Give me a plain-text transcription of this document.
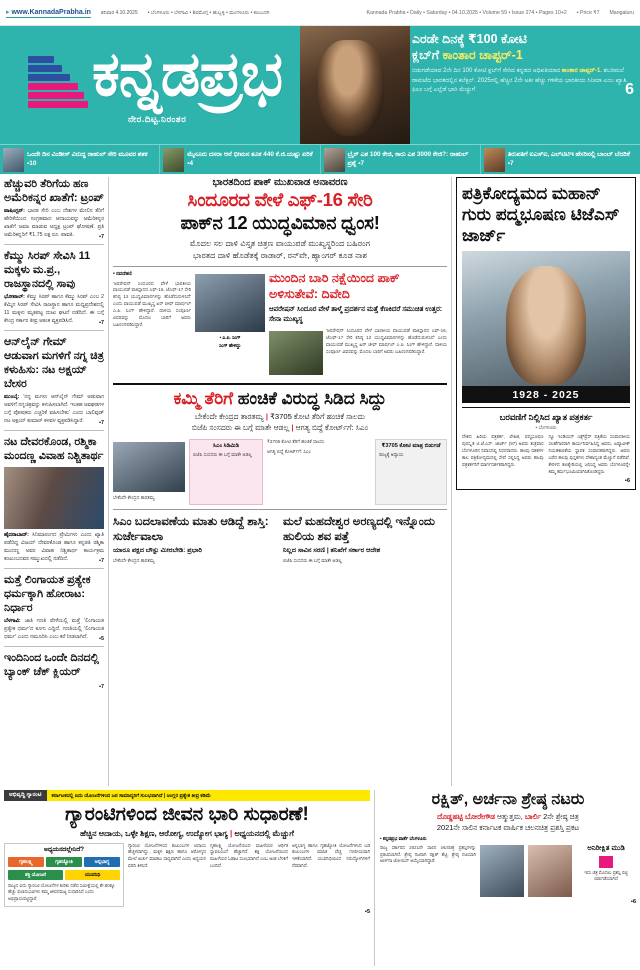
▸ www.KannadaPrabha.in ಶನಿವಾರ 4.10.2025 • ಬೆಂಗಳೂರು • ಬೆಳಗಾವಿ • ಶಿವಮೊಗ್ಗ • ಹುಬ್ಬಳ್ಳಿ • ಮಂಗಳೂರು • ಕಲಬುರಗಿ	Kannada Prabha • Daily • Saturday • 04.10.2025 • Volume 59 • Issue 274 • Pages 10+2 • Price ₹7 Mangaluru
ಕನ್ನಡಪ್ರಭ
ನೇರ.ದಿಟ್ಟ.ನಿರಂತರ
ಎರಡೇ ದಿನಕ್ಕೆ ₹100 ಕೋಟಿ
ಕ್ಲಬ್‌ಗೆ ಕಾಂತಾರ ಚಾಪ್ಟರ್-1

ಬಿಡುಗಡೆಯಾದ 2ನೇ ದಿನ 100 ಕೋಟಿ ಕ್ಲಬ್‌ಗೆ ಸೇರಿದ ಕನ್ನಡದ ಅಧಿಪತಿಯಾದ ಕಾಂತಾರ ಚಾಪ್ಟರ್-1. ಶಬರಿಮಲೆ ರಾಮಟೆದ ಭಾರತದಲ್ಲಿನ ಕಲೆಕ್ಷನ್. 2025ರಲ್ಲಿ ಹೆಚ್ಚಿನ 2ನೇ ಅತೀ ಹೆಚ್ಚು ಗಳಿಕೆಯ ಭಾರತೀಯ ಸಿನಿಮಾ ಎಂಬ ಖ್ಯಾತಿ. ಫಿಲಂ ಬಗ್ಗೆ ಎಲ್ಲೆಡೆ ಭಾರಿ ಮೆಚ್ಚುಗೆ	6
ಒಂದೇ ದಿನ ವಿಂಡೀಸ್ ವಿರುದ್ಧ ರಾಹುಲ್ ಸೇರಿ ಮೂವರ ಶತಕ ▪10
ಮೈಸೂರು ದಸರಾ ಆನೆ ಭೀಮನ ತೂಕ 440 ಕೆ.ಜಿ.ಯಷ್ಟು ಏರಿಕೆ ▪4
ಬ್ರೈಕ್ ಎಶ 100 ಕೇಜಿ, ಕಾರು ಎಶ 3000 ಕೇಜಿ?: ರಾಹುಲ್ ಪ್ರಶ್ನೆ ▪7
ತಿರುಪತಿಗೆ ಐಎಸ್‌ಐ, ಎಲ್‌ಟಿಟಿಇ ಹೆಸರಿನಲ್ಲಿ ಬಾಂಬ್ ಬೆದರಿಕೆ ▪7
ಹೆಚ್ಚುವರಿ ತೆರಿಗೆಯ ಹಣ ಅಮೆರಿಕನ್ನರ ಖಾತೆಗೆ: ಟ್ರಂಪ್
ವಾಷಿಂಗ್ಟನ್: ಭಾರತ ಸೇರಿ ಎಂಬ ದೇಶಗಳ ಮೇಲಿನ ತೆರಿಗೆ ಹೇರಿಕೆಯಿಂದ ಸಂಗ್ರಹವಾದ ಆದಾಯವನ್ನು ಅಮೆರಿಕನ್ನರ ಖಾತೆಗೆ ಜಮಾ ಮಾಡುವ ಅಧ್ಯಕ್ಷ ಟ್ರಂಪ್ ಘೋಷಣೆ. ಪ್ರತಿ ಅಮೆರಿಕನ್ನರಿಗೆ ₹1.75 ಲಕ್ಷ ರೂ. ಪಾವತಿ.	▪7
ಕೆಮ್ಮು ಸಿರಪ್ ಸೇವಿಸಿ 11 ಮಕ್ಕಳು ಮ.ಪ್ರ., ರಾಜಸ್ಥಾನದಲ್ಲಿ ಸಾವು
ಭೋಪಾಲ್: ಕೆಮ್ಮು ಸಿರಪ್ ಹಾಗೂ ಕೆಮ್ಮು ಸಿರಪ್ ಎಂಬ 2 ಕೆಮ್ಮಿನ ಸಿರಪ್ ಸೇವಿಸಿ ರಾಜಸ್ಥಾನ ಹಾಗೂ ಮಧ್ಯಪ್ರದೇಶದಲ್ಲಿ 11 ಮಕ್ಕಳು ಮೃತಪಟ್ಟ ದುಃಖ ಘಟನೆ ನಡೆದಿದೆ. ಈ ಬಗ್ಗೆ ಕೇಂದ್ರ ಸರ್ಕಾರ ತೀವ್ರ ಆತಂಕ ವ್ಯಕ್ತಪಡಿಸಿದೆ.	▪7
ಆನ್‌ಲೈನ್ ಗೇಮ್ ಆಡುವಾಗ ಮಗಳಿಗೆ ನಗ್ನ ಚಿತ್ರ ಕಳುಹಿಸು: ನಟ ಅಕ್ಷಯ್ ಬೇಸರ
ಮುಂಬೈ: 'ನನ್ನ ಮಗಳು ಆನ್‌ಲೈನ್ ಗೇಮ್ ಆಡುವಾಗ ಅವಳಿಗೆ ನಗ್ನಚಿತ್ರವನ್ನು ಕಳುಹಿಸಲಾಗಿದೆ. ಇಂತಹ ಅವಘಡಗಳ ಬಗ್ಗೆ ಪೋಷಕರು ಎಚ್ಚರಿಕೆ ವಹಿಸಬೇಕು' ಎಂದು ಬಾಲಿವುಡ್ ನಟ ಅಕ್ಷಯ್ ಕುಮಾರ್ ಕಳವಳ ವ್ಯಕ್ತಪಡಿಸಿದ್ದಾರೆ.	▪7
ನಟ ದೇವರಕೊಂಡ, ರಶ್ಮಿಕಾ ಮಂದಣ್ಣ ವಿವಾಹ ನಿಶ್ಚಿತಾರ್ಥ
ಹೈದರಾಬಾದ್: ಸಿನಿಮಾರಂಗದ ಪ್ರೇಮಿಗಳು ಎಂದು ಖ್ಯಾತಿ ಪಡೆದಿದ್ದ ವಿಜಯ್ ದೇವರಕೊಂಡ ಹಾಗೂ ಕನ್ನಡತಿ ರಶ್ಮಿಕಾ ಮಂದಣ್ಣ ಅವರ ವಿವಾಹ ನಿಶ್ಚಿತಾರ್ಥ ಕಾರ್ಯಕ್ರಮ ಕುಟುಂಬದವರ ಸಮ್ಮುಖದಲ್ಲಿ ನಡೆದಿದೆ.	▪7
ಮತ್ತೆ ಲಿಂಗಾಯತ ಪ್ರತ್ಯೇಕ ಧರ್ಮಕ್ಕಾಗಿ ಹೋರಾಟ: ನಿರ್ಧಾರ
ಬೆಳಗಾವಿ: ಜಾತಿ ಗಣತಿ ವೇಳೆಯಲ್ಲಿ ಮತ್ತೆ 'ಲಿಂಗಾಯತ ಪ್ರತ್ಯೇಕ ಧರ್ಮ'ದ ಕೂಗು ಎದ್ದಿದೆ. ಗಣತಿಯಲ್ಲಿ 'ಲಿಂಗಾಯತ ಧರ್ಮ' ಎಂದು ನಮೂದಿಸಿ ಎಂಬ ಕರೆ ನೀಡಲಾಗಿದೆ. ▪5
ಇಂದಿನಿಂದ ಒಂದೇ ದಿನದಲ್ಲಿ ಬ್ಯಾಂಕ್ ಚೆಕ್ ಕ್ಲಿಯರ್
▪7
ಭಾರತದಿಂದ ಪಾಕ್ ಮುಖವಾಡ ಅನಾವರಣ
ಸಿಂದೂರದ ವೇಳೆ ಎಫ್-16 ಸೇರಿ
ಪಾಕ್‌ನ 12 ಯುದ್ಧವಿಮಾನ ಧ್ವಂಸ!
ಮೊದಲ ಸಲ ದಾಳಿ ವಿಸ್ತೃತ ಚಿತ್ರಣ ವಾಯುಪಡೆ ಮುಖ್ಯಸ್ಥರಿಂದ ಬಹಿರಂಗ
ಭಾರತದ ದಾಳಿ ಹೊಡೆತಕ್ಕೆ ರಾಡಾರ್, ರನ್‌ವೇ, ಹ್ಯಾಂಗರ್ ಕೂಡ ನಾಶ
• ನವದೆಹಲಿ

'ಆಪರೇಷನ್ ಸಿಂದೂರದ ವೇಳೆ ಭಾರತೀಯ ವಾಯುಪಡೆ ಪಾಕಿಸ್ತಾನದ ಎಫ್-16, ಜೆಎಫ್-17 ಸೇರಿ ಕನಿಷ್ಠ 12 ಯುದ್ಧವಿಮಾನಗಳನ್ನು ಹೊಡೆದುರುಳಿಸಿದೆ' ಎಂದು ವಾಯುಪಡೆ ಮುಖ್ಯಸ್ಥ ಏರ್ ಚೀಫ್ ಮಾರ್ಷಲ್ ಎ.ಪಿ. ಸಿಂಗ್ ಹೇಳಿದ್ದಾರೆ. ದಾಳಿಯ ಸಂಪೂರ್ಣ ವಿವರವನ್ನು ಮೊದಲ ಬಾರಿಗೆ ಅವರು ಬಹಿರಂಗಪಡಿಸಿದ್ದಾರೆ.

• ಎ.ಪಿ. ಸಿಂಗ್
ಸಿಂಗ್ ಹೇಳಿದ್ದು
ಮುಂದಿನ ಬಾರಿ ನಕ್ಷೆಯಿಂದ ಪಾಕ್ ಅಳಿಸುತೇವೆ: ದಿವೇದಿ
ಆಪರೇಷನ್ ಸಿಂದೂರ ವೇಳೆ ತಾಳ್ಮೆ ಪ್ರದರ್ಶನ ಮತ್ತೆ ಕೆಣಕಿದರೆ ಸಮುಚಿತ ಉತ್ತರ: ಸೇನಾ ಮುಖ್ಯಸ್ಥ

'ಆಪರೇಷನ್ ಸಿಂದೂರದ ವೇಳೆ ಭಾರತೀಯ ವಾಯುಪಡೆ ಪಾಕಿಸ್ತಾನದ ಎಫ್-16, ಜೆಎಫ್-17 ಸೇರಿ ಕನಿಷ್ಠ 12 ಯುದ್ಧವಿಮಾನಗಳನ್ನು ಹೊಡೆದುರುಳಿಸಿದೆ' ಎಂದು ವಾಯುಪಡೆ ಮುಖ್ಯಸ್ಥ ಏರ್ ಚೀಫ್ ಮಾರ್ಷಲ್ ಎ.ಪಿ. ಸಿಂಗ್ ಹೇಳಿದ್ದಾರೆ. ದಾಳಿಯ ಸಂಪೂರ್ಣ ವಿವರವನ್ನು ಮೊದಲ ಬಾರಿಗೆ ಅವರು ಬಹಿರಂಗಪಡಿಸಿದ್ದಾರೆ.

ಕಮ್ಮಿ ತೆರಿಗೆ ಹಂಚಿಕೆ ವಿರುದ್ಧ ಸಿಡಿದ ಸಿದ್ದು
ಬೇಕೆಂದೇ ಕೇಂದ್ರದ ತಾರತಮ್ಯ | ₹3705 ಕೋಟಿ ತೆರಿಗೆ ಹಂಚಿಕೆ ಸಾಲದು
ಬಿಜೆಪಿ ಸಂಸದರು ಈ ಬಗ್ಗೆ ಮಾತೇ ಆಡಲ್ಲ | ಆಗತ್ಯ ಬಿದ್ದೆ ಕೋರ್ಟ್‌ಗೆ: ಸಿಎಂ

ಬೇಕೆಂದೇ ಕೇಂದ್ರದ ತಾರತಮ್ಯ

ಸಿಎಂ ಸಿಡಿಮಿಡಿ

ಬಿಜೆಪಿ ಸಂಸದರು ಈ ಬಗ್ಗೆ ಮಾತೇ ಆಡಲ್ಲ

₹3705 ಕೋಟಿ ತೆರಿಗೆ ಹಂಚಿಕೆ ಸಾಲದು

ಆಗತ್ಯ ಬಿದ್ದೆ ಕೋರ್ಟ್‌ಗೆ: ಸಿಎಂ

₹3705 ಕೋಟಿ ಮಾತ್ರ ಬಿಡುಗಡೆ

ರಾಜ್ಯಕ್ಕೆ ಅನ್ಯಾಯ

ಸಿಎಂ ಬದಲಾವಣೆಯ ಮಾತು ಆಡಿದ್ದೆ ಶಾಸ್ತಿ: ಸುರ್ಜೇವಾಲಾ
ಯಾರೂ ಪಕ್ಷದ ಬೌಸ್ಟು ಮೀರಬೇಡಿ: ಪ್ರಭಾರಿ

ಬೇಕೆಂದೇ ಕೇಂದ್ರದ ತಾರತಮ್ಯ

ಮಲೆ ಮಹದೇಶ್ವರ ಅರಣ್ಯದಲ್ಲಿ ಇನ್ನೊಂದು ಹುಲಿಯ ಶವ ಪತ್ತೆ
ನಿಲ್ಲದ ಸಾವಿನ ಸರಣಿ | ತನಿಖೆಗೆ ಸರ್ಕಾರ ಆದೇಶ

ಬಿಜೆಪಿ ಸಂಸದರು ಈ ಬಗ್ಗೆ ಮಾತೇ ಆಡಲ್ಲ

ಪತ್ರಿಕೋದ್ಯಮದ ಮಹಾನ್ ಗುರು ಪದ್ಮಭೂಷಣ ಟಿಜೆಎಸ್ ಜಾರ್ಜ್
1928 - 2025
ಬರವಣಿಗೆ ನಿಲ್ಲಿಸಿದ ಖ್ಯಾತ ಪತ್ರಕರ್ತ
• ಬೆಂಗಳೂರು

ದೇಶದ ಹಿರಿಯ ಪತ್ರಕರ್ತ, ಲೇಖಕ, ಪದ್ಮಭೂಷಣ ಪುರಸ್ಕೃತ ಟಿ.ಜೆ.ಎಸ್. ಜಾರ್ಜ್ (97) ಅವರು ಶುಕ್ರವಾರ ಬೆಂಗಳೂರಿನ ನಿವಾಸದಲ್ಲಿ ನಿಧನರಾದರು. ಹಲವು ದಶಕಗಳ ಕಾಲ ಪತ್ರಿಕೋದ್ಯಮದಲ್ಲಿ ಸೇವೆ ಸಲ್ಲಿಸಿದ್ದ ಅವರು ಹಲವು ಪತ್ರಕರ್ತರಿಗೆ ಮಾರ್ಗದರ್ಶಕರಾಗಿದ್ದರು.

ನ್ಯೂ ಇಂಡಿಯನ್ ಎಕ್ಸ್‌ಪ್ರೆಸ್ ಪತ್ರಿಕೆಯ ಸಂಪಾದಕೀಯ ಸಲಹೆಗಾರರಾಗಿ ಕಾರ್ಯನಿರ್ವಹಿಸಿದ್ದ ಅವರು, ಏಷ್ಯಾವೀಕ್ ನಿಯತಕಾಲಿಕೆಯ ಸ್ಥಾಪಕ ಸಂಪಾದಕರಾಗಿದ್ದರು. ಅವರು ಬರೆದ ಹಲವು ಪುಸ್ತಕಗಳು ದೇಶಾದ್ಯಂತ ಮೆಚ್ಚುಗೆ ಪಡೆದಿವೆ. ಕೇರಳದ ತಲಶ್ಶೇರಿಯಲ್ಲಿ ಜನಿಸಿದ್ದ ಅವರು ಬೆಂಗಳೂರನ್ನೇ ತಮ್ಮ ಕರ್ಮಭೂಮಿಯಾಗಿಸಿಕೊಂಡಿದ್ದರು.

▪6
ಅಭಿವೃದ್ಧಿ ಗ್ಯಾರಂಟಿ	ಕರ್ನಾಟಕದಲ್ಲಿ ಐದು ಯೋಜನೆಗಳಿಂದ ಜನ ಸಾಮಾನ್ಯರಿಗೆ ಸುಲಭವಾಗಿದೆ | ಆಂಗ್ಲರ ಪ್ರತ್ಯೇಕ ತೀವ್ರ ಕಡಿಮೆ
ಗ್ಯಾರಂಟಿಗಳಿಂದ ಜೀವನ ಭಾರಿ ಸುಧಾರಣೆ!
ಹೆಚ್ಚಿನ ಆದಾಯ, ಒಳ್ಳೇ ಶಿಕ್ಷಣ, ಆರೋಗ್ಯ, ಉದ್ಯೋಗ ಭಾಗ್ಯ | ಅಧ್ಯಯನದಲ್ಲಿ ಮೆಚ್ಚುಗೆ
ಅಧ್ಯಯನದಲ್ಲೇನಿದೆ?
ಗೃಹಲಕ್ಷ್ಮಿ	ಗೃಹಜ್ಯೋತಿ	ಅನ್ನಭಾಗ್ಯ
ಶಕ್ತಿ ಯೋಜನೆ	ಯುವನಿಧಿ
ರಾಜ್ಯದ ಐದು ಗ್ಯಾರಂಟಿ ಯೋಜನೆಗಳ ಕುರಿತು ನಡೆದ ಸಮೀಕ್ಷೆಯಲ್ಲಿ ಶೇ.80ಕ್ಕೂ ಹೆಚ್ಚು ಫಲಾನುಭವಿಗಳು ತಮ್ಮ ಜೀವನಮಟ್ಟ ಸುಧಾರಿಸಿದೆ ಎಂದು ಅಭಿಪ್ರಾಯಪಟ್ಟಿದ್ದಾರೆ.
ಗ್ಯಾರಂಟಿ ಯೋಜನೆಗಳಿಂದ ಕುಟುಂಬಗಳ ಆದಾಯ ಹೆಚ್ಚಳವಾಗಿದ್ದು, ಮಕ್ಕಳ ಶಿಕ್ಷಣ ಹಾಗೂ ಆರೋಗ್ಯದ ಮೇಲೆ ಖರ್ಚು ಮಾಡಲು ಸಾಧ್ಯವಾಗಿದೆ ಎಂದು ಅಧ್ಯಯನ ವರದಿ ತಿಳಿಸಿದೆ.
ಗೃಹಲಕ್ಷ್ಮಿ ಯೋಜನೆಯಿಂದ ಮಹಿಳೆಯರ ಆರ್ಥಿಕ ಸ್ವಾವಲಂಬನೆ ಹೆಚ್ಚಾಗಿದೆ. ಶಕ್ತಿ ಯೋಜನೆಯಿಂದ ಮಹಿಳೆಯರ ಓಡಾಟ ಸುಲಭವಾಗಿದೆ ಎಂಬ ಅಂಶ ಬೆಳಕಿಗೆ ಬಂದಿದೆ.
ಅನ್ನಭಾಗ್ಯ ಹಾಗೂ ಗೃಹಜ್ಯೋತಿ ಯೋಜನೆಗಳಿಂದ ಬಡ ಕುಟುಂಬಗಳ ಮಾಸಿಕ ವೆಚ್ಚ ಗಣನೀಯವಾಗಿ ಇಳಿಕೆಯಾಗಿದೆ. ಯುವನಿಧಿಯಿಂದ ನಿರುದ್ಯೋಗಿಗಳಿಗೆ ನೆರವಾಗಿದೆ.
▪5
ರಕ್ಷಿತ್, ಅರ್ಚನಾ ಶ್ರೇಷ್ಠ ನಟರು
ದೊಡ್ಡಹಟ್ಟಿ ಬೋರೇಗೌಡ ಆತ್ಮುತ್ತಮ, ಬಾರ್ಲಿ 2ನೇ ಶ್ರೇಷ್ಠ ಚಿತ್ರ
2021ನೇ ಸಾಲಿನ ಕರ್ನಾಟಕ ವಾರ್ಷಿಕ ಚಲನಚಿತ್ರ ಪ್ರಶಸ್ತಿ ಪ್ರಕಟ
• ಕನ್ನಡಪ್ರಭ ವಾರ್ತೆ ಬೆಂಗಳೂರು
ರಾಜ್ಯ ಸರ್ಕಾರದ 2021ನೇ ಸಾಲಿನ ಚಲನಚಿತ್ರ ಪ್ರಶಸ್ತಿಗಳನ್ನು ಪ್ರಕಟಿಸಲಾಗಿದೆ. ಶ್ರೇಷ್ಠ ನಟನಾಗಿ ರಕ್ಷಿತ್ ಶೆಟ್ಟಿ, ಶ್ರೇಷ್ಠ ನಟಿಯಾಗಿ ಅರ್ಚನಾ ಜೋಯಿಸ್ ಆಯ್ಕೆಯಾಗಿದ್ದಾರೆ.
ಅನಿರೀಕ್ಷಿತ ಮುಡಿ
ಇದು ಚಿತ್ರ ಮೊದಲು ಪ್ರಶಸ್ತಿ ಪಟ್ಟಿ ಬಿಡುಗಡೆಯಾಗಿದೆ
▪6
